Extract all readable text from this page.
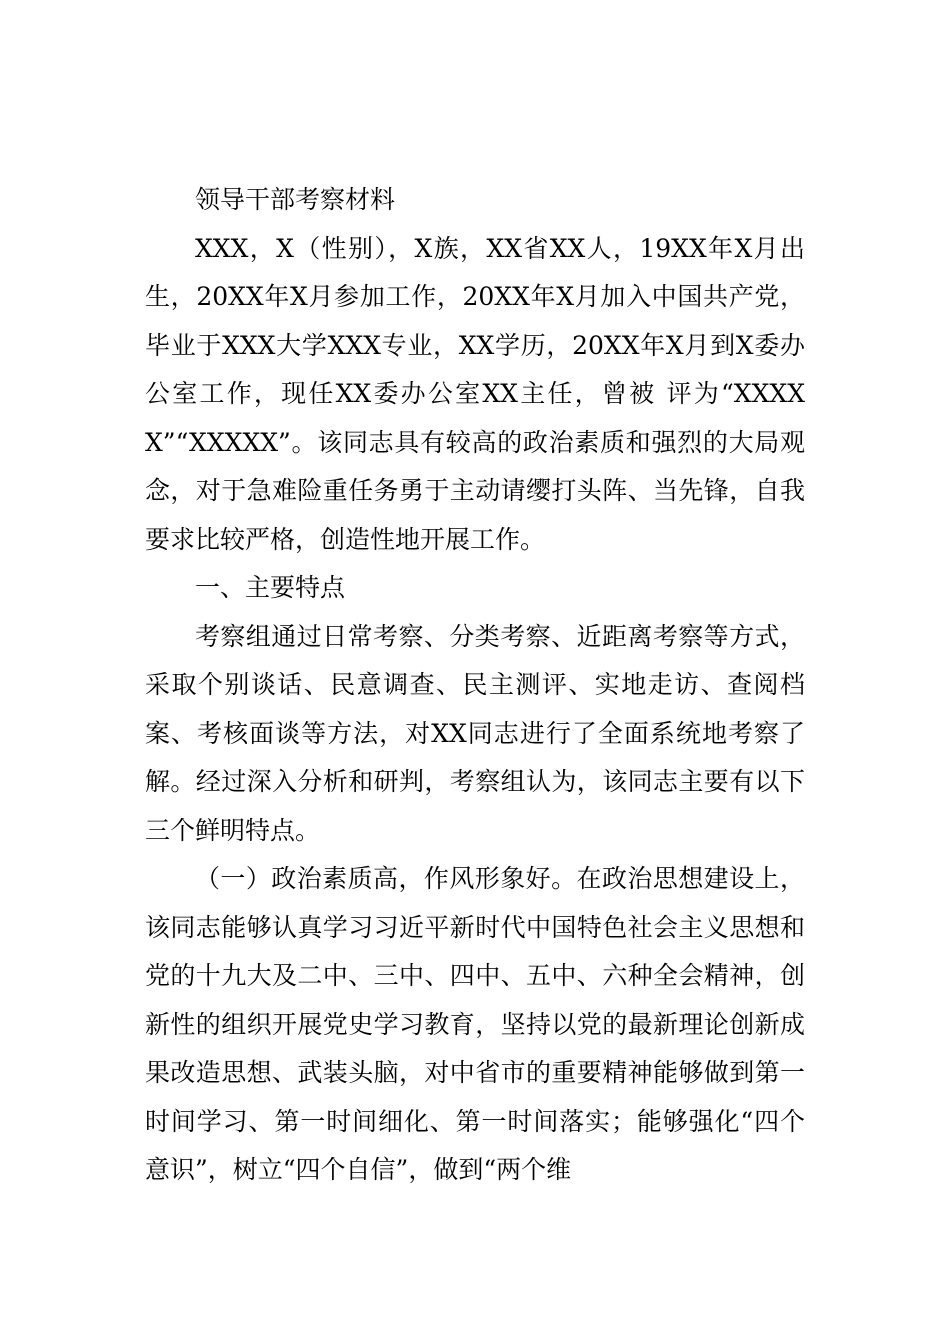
领导干部考察材料

XXX，X（性别），X族，XX省XX人，19XX年X月出生，20XX年X月参加工作，20XX年X月加入中国共产党，毕业于XXX大学XXX专业，XX学历，20XX年X月到X委办公室工作，现任XX委办公室XX主任，曾被 评为“XXXXX”“XXXXX”。该同志具有较高的政治素质和强烈的大局观念，对于急难险重任务勇于主动请缨打头阵、当先锋，自我要求比较严格，创造性地开展工作。

一、主要特点

考察组通过日常考察、分类考察、近距离考察等方式，采取个别谈话、民意调查、民主测评、实地走访、查阅档案、考核面谈等方法，对XX同志进行了全面系统地考察了解。经过深入分析和研判，考察组认为，该同志主要有以下三个鲜明特点。

（一）政治素质高，作风形象好。在政治思想建设上，该同志能够认真学习习近平新时代中国特色社会主义思想和党的十九大及二中、三中、四中、五中、六种全会精神，创新性的组织开展党史学习教育，坚持以党的最新理论创新成果改造思想、武装头脑，对中省市的重要精神能够做到第一时间学习、第一时间细化、第一时间落实；能够强化“四个意识”，树立“四个自信”，做到“两个维
